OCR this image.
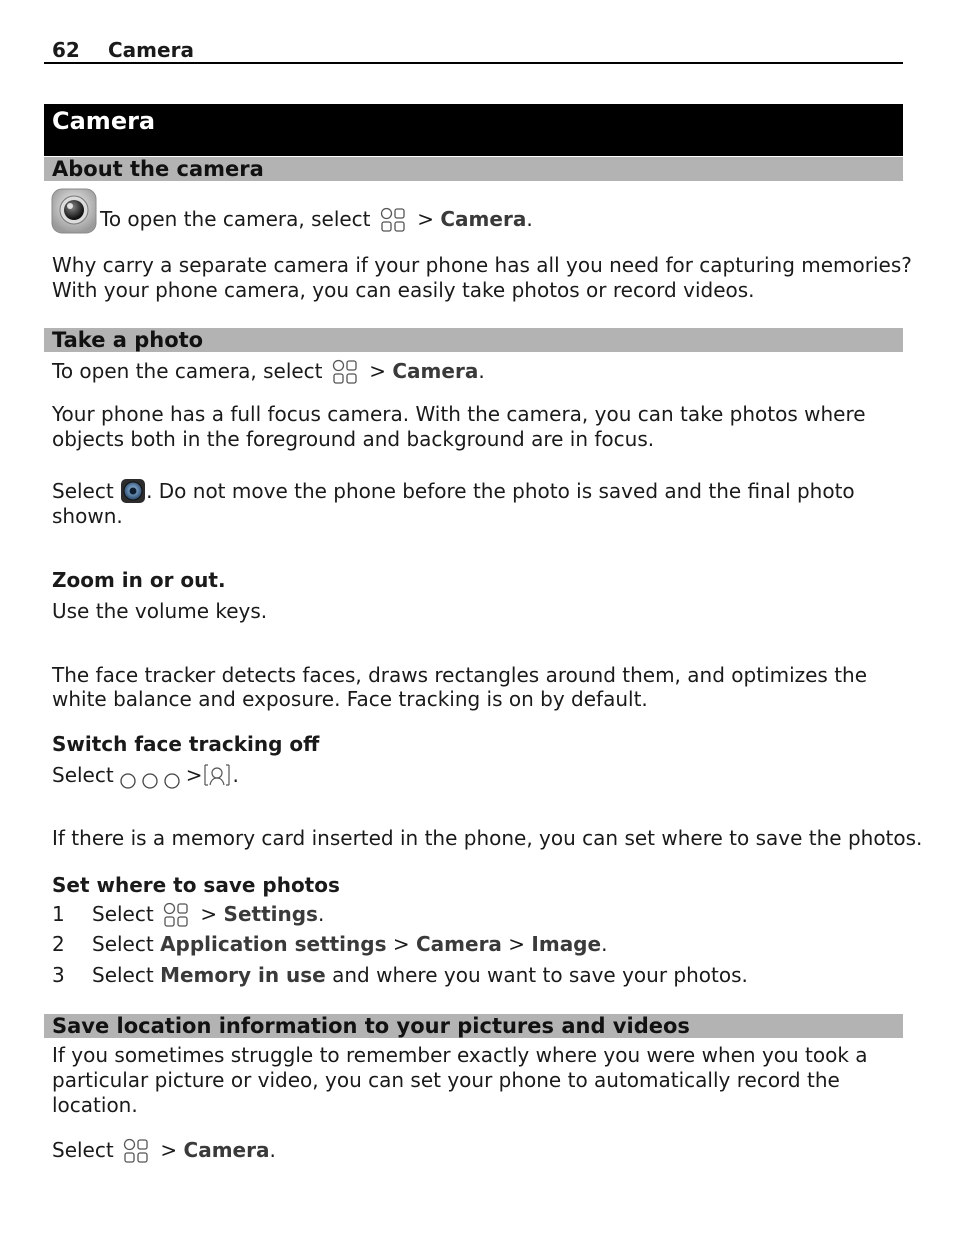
62 Camera
Camera
About the camera
To open the camera, select > Camera.
Why carry a separate camera if your phone has all you need for capturing memories?
With your phone camera, you can easily take photos or record videos.
Take a photo
To open the camera, select > Camera.
Your phone has a full focus camera. With the camera, you can take photos where
objects both in the foreground and background are in focus.
Select . Do not move the phone before the photo is saved and the final photo
shown.
Zoom in or out.
Use the volume keys.
The face tracker detects faces, draws rectangles around them, and optimizes the
white balance and exposure. Face tracking is on by default.
Switch face tracking off
Select	> .
If there is a memory card inserted in the phone, you can set where to save the photos.
Set where to save photos
1 Select > Settings.
2 Select Application settings > Camera > Image.
3 Select Memory in use and where you want to save your photos.
Save location information to your pictures and videos
If you sometimes struggle to remember exactly where you were when you took a
particular picture or video, you can set your phone to automatically record the
location.
Select > Camera.
